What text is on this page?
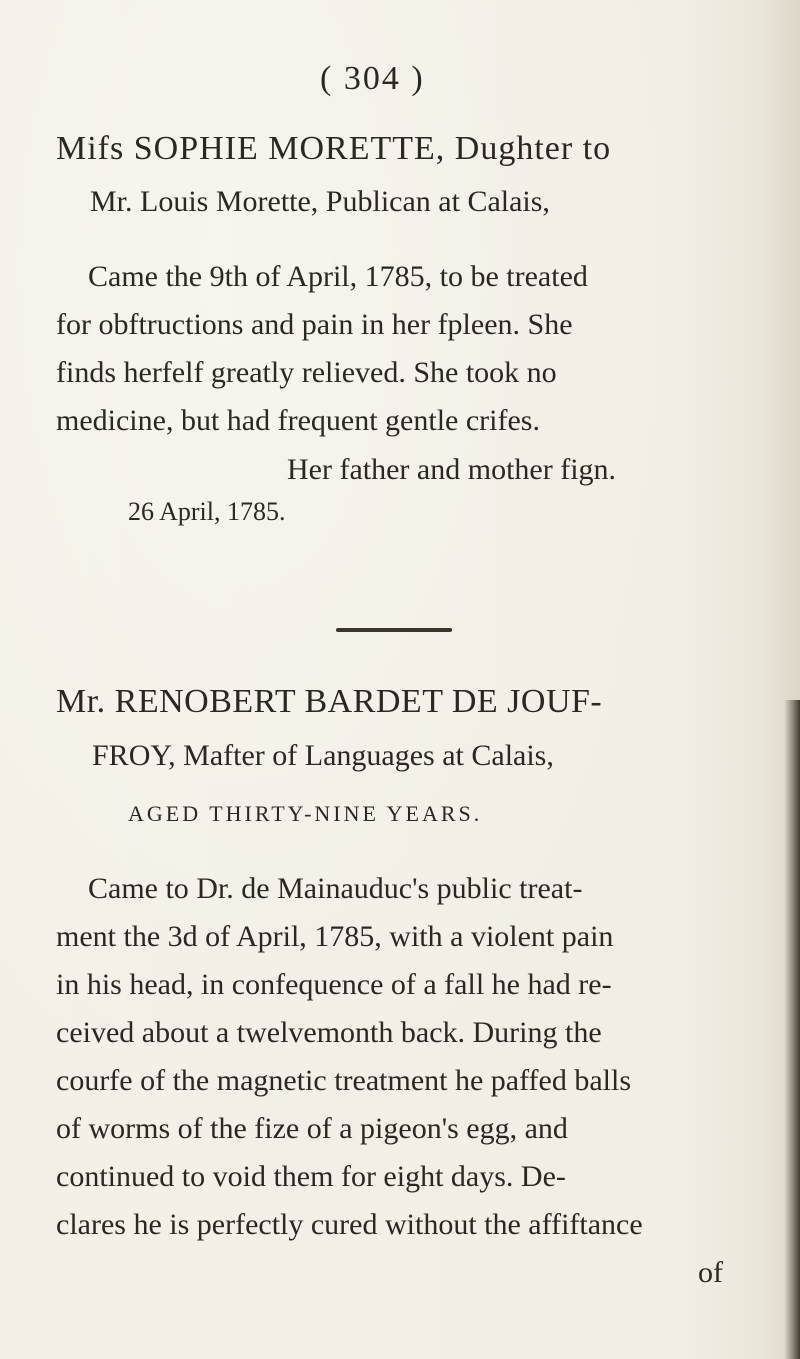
( 304 )
Mifs SOPHIE MORETTE, Dughter to
Mr. Louis Morette, Publican at Calais,
Came the 9th of April, 1785, to be treated
for obftructions and pain in her fpleen. She
finds herfelf greatly relieved. She took no
medicine, but had frequent gentle crifes.
Her father and mother fign.
26 April, 1785.
Mr. RENOBERT BARDET DE JOUF-
FROY, Mafter of Languages at Calais,
AGED THIRTY-NINE YEARS.
Came to Dr. de Mainauduc's public treat-
ment the 3d of April, 1785, with a violent pain
in his head, in confequence of a fall he had re-
ceived about a twelvemonth back. During the
courfe of the magnetic treatment he paffed balls
of worms of the fize of a pigeon's egg, and
continued to void them for eight days. De-
clares he is perfectly cured without the affiftance
of
